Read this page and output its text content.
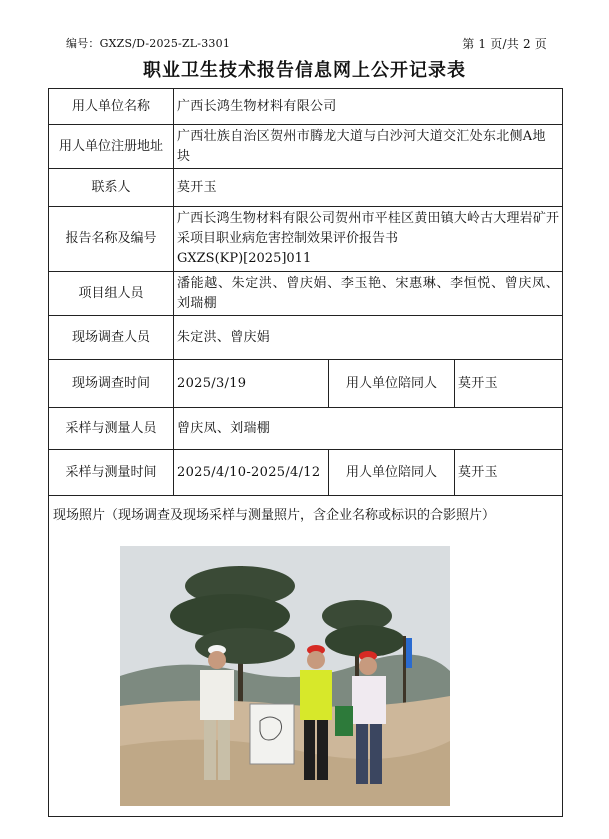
编号：GXZS/D-2025-ZL-3301	第 1 页/共 2 页
职业卫生技术报告信息网上公开记录表
用人单位名称	广西长鸿生物材料有限公司		
用人单位注册地址	广西壮族自治区贺州市腾龙大道与白沙河大道交汇处东北侧A地块		
联系人	莫开玉		
报告名称及编号	广西长鸿生物材料有限公司贺州市平桂区黄田镇大岭古大理岩矿开采项目职业病危害控制效果评价报告书
GXZS(KP)[2025]011		

项目组人员	潘能越、朱定洪、曾庆娟、李玉艳、宋惠琳、李恒悦、曾庆凤、刘瑞棚		
现场调查人员	朱定洪、曾庆娟		
现场调查时间	2025/3/19	用人单位陪同人	莫开玉
采样与测量人员	曾庆凤、刘瑞棚		
采样与测量时间	2025/4/10-2025/4/12	用人单位陪同人	莫开玉

现场照片（现场调查及现场采样与测量照片，含企业名称或标识的合影照片）			
